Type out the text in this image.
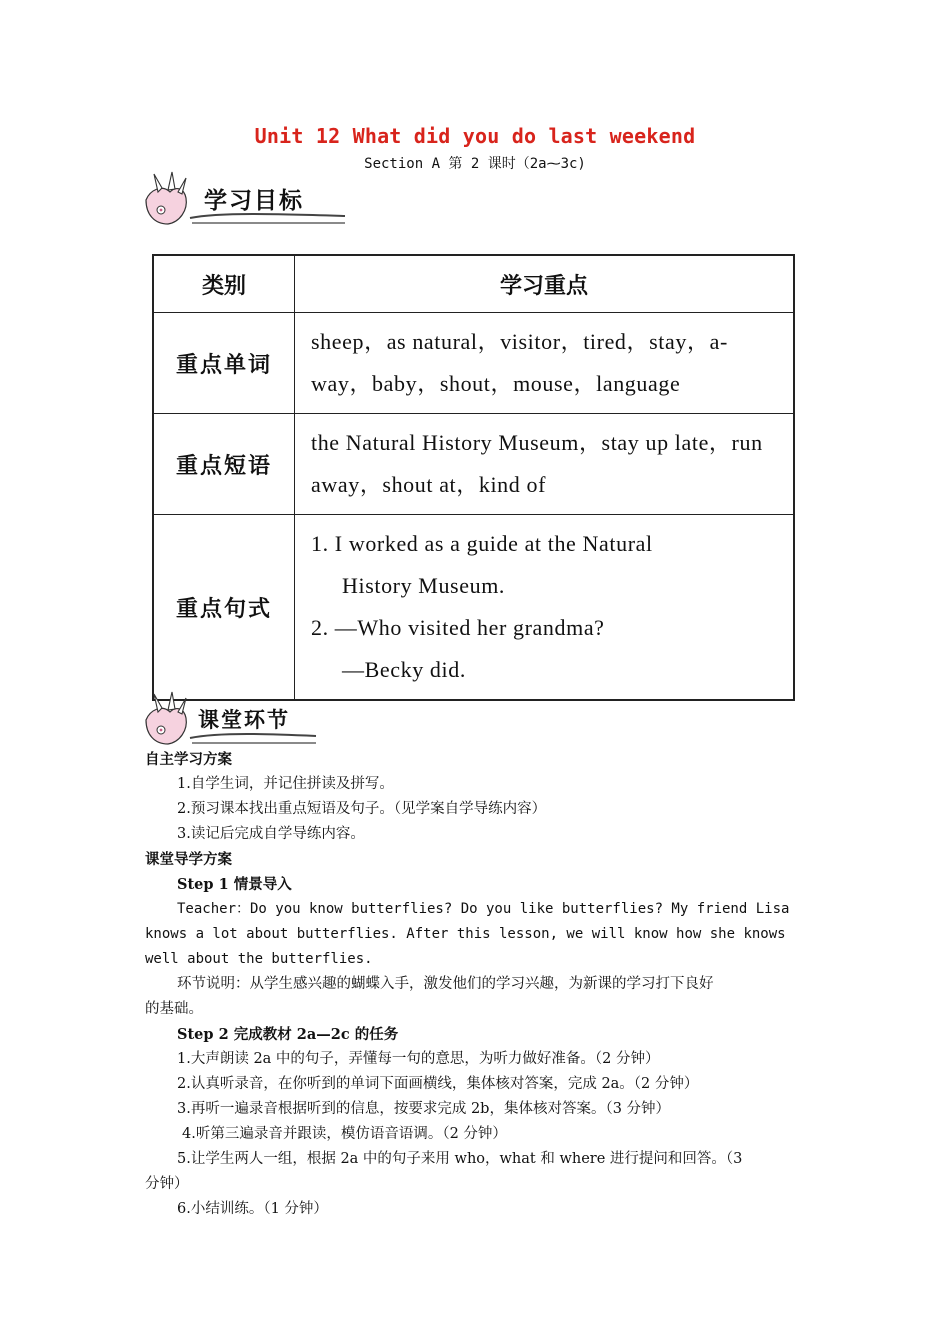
Unit 12 What did you do last weekend
Section A 第 2 课时（2a⁓3c)
学习目标
类别	学习重点
重点单词	sheep，as natural，visitor，tired，stay，a-way，baby，shout，mouse，language
重点短语	the Natural History Museum，stay up late，run away，shout at，kind of
重点句式	1. I worked as a guide at the Natural
History Museum.
2. —Who visited her grandma?
—Becky did.
课堂环节
自主学习方案
1.自学生词，并记住拼读及拼写。
2.预习课本找出重点短语及句子。（见学案自学导练内容）
3.读记后完成自学导练内容。
课堂导学方案
Step 1 情景导入
Teacher：Do you know butterflies? Do you like butterflies? My friend Lisa
knows a lot about butterflies. After this lesson, we will know how she knows
well about the butterflies.
环节说明：从学生感兴趣的蝴蝶入手，激发他们的学习兴趣，为新课的学习打下良好
的基础。
Step 2 完成教材 2a—2c 的任务
1.大声朗读 2a 中的句子，弄懂每一句的意思，为听力做好准备。（2 分钟）
2.认真听录音，在你听到的单词下面画横线，集体核对答案，完成 2a。（2 分钟）
3.再听一遍录音根据听到的信息，按要求完成 2b，集体核对答案。（3 分钟）
4.听第三遍录音并跟读，模仿语音语调。（2 分钟）
5.让学生两人一组，根据 2a 中的句子来用 who，what 和 where 进行提问和回答。（3
分钟）
6.小结训练。（1 分钟）
